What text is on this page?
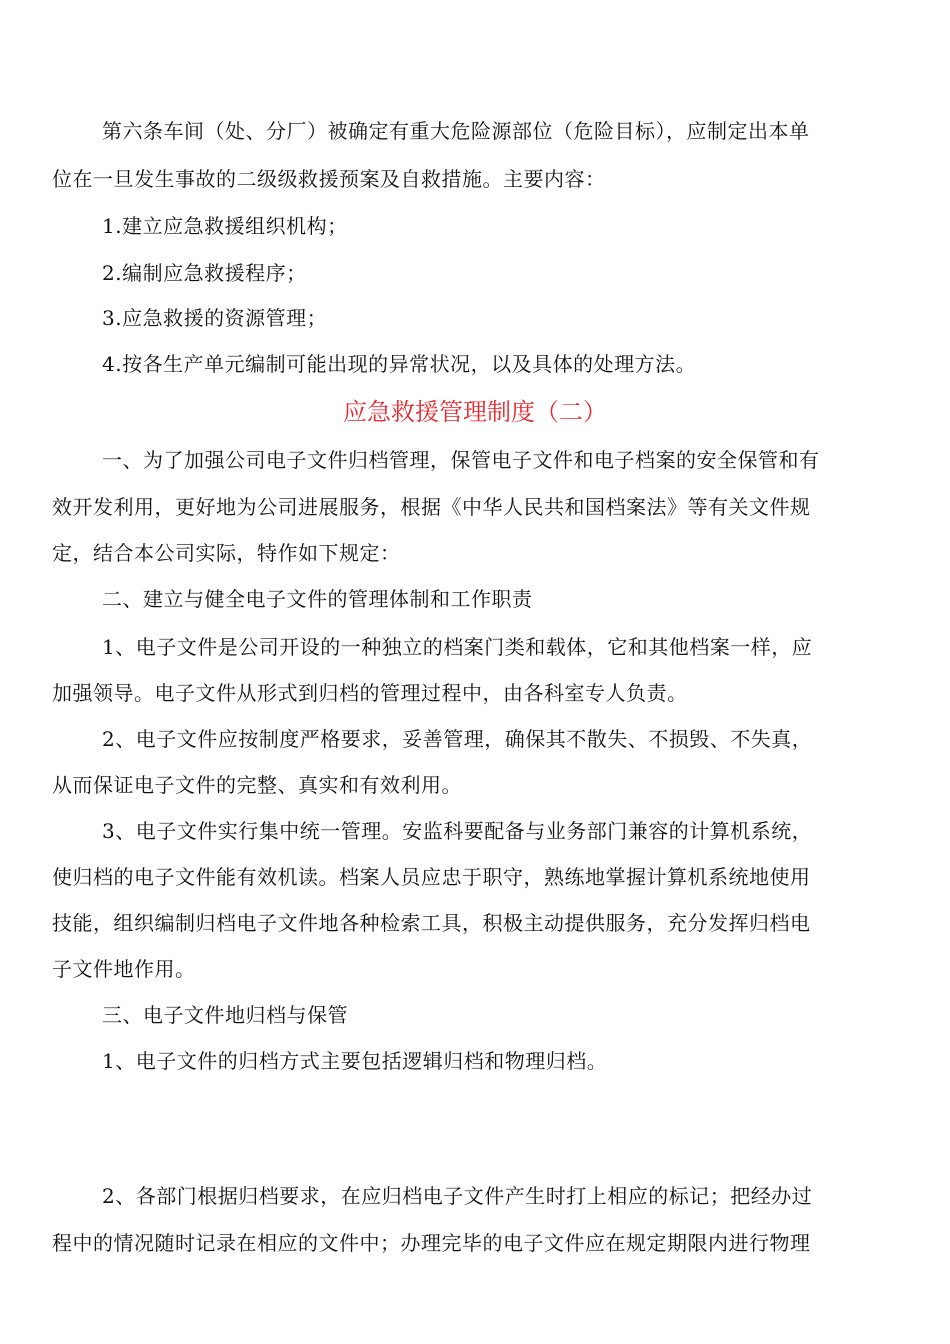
第六条车间（处、分厂）被确定有重大危险源部位（危险目标），应制定出本单
位在一旦发生事故的二级级救援预案及自救措施。主要内容：
1.建立应急救援组织机构；
2.编制应急救援程序；
3.应急救援的资源管理；
4.按各生产单元编制可能出现的异常状况，以及具体的处理方法。
应急救援管理制度（二）
一、为了加强公司电子文件归档管理，保管电子文件和电子档案的安全保管和有
效开发利用，更好地为公司进展服务，根据《中华人民共和国档案法》等有关文件规
定，结合本公司实际，特作如下规定：
二、建立与健全电子文件的管理体制和工作职责
1、电子文件是公司开设的一种独立的档案门类和载体，它和其他档案一样，应
加强领导。电子文件从形式到归档的管理过程中，由各科室专人负责。
2、电子文件应按制度严格要求，妥善管理，确保其不散失、不损毁、不失真，
从而保证电子文件的完整、真实和有效利用。
3、电子文件实行集中统一管理。安监科要配备与业务部门兼容的计算机系统，
使归档的电子文件能有效机读。档案人员应忠于职守，熟练地掌握计算机系统地使用
技能，组织编制归档电子文件地各种检索工具，积极主动提供服务，充分发挥归档电
子文件地作用。
三、电子文件地归档与保管
1、电子文件的归档方式主要包括逻辑归档和物理归档。
2、各部门根据归档要求，在应归档电子文件产生时打上相应的标记；把经办过
程中的情况随时记录在相应的文件中；办理完毕的电子文件应在规定期限内进行物理
